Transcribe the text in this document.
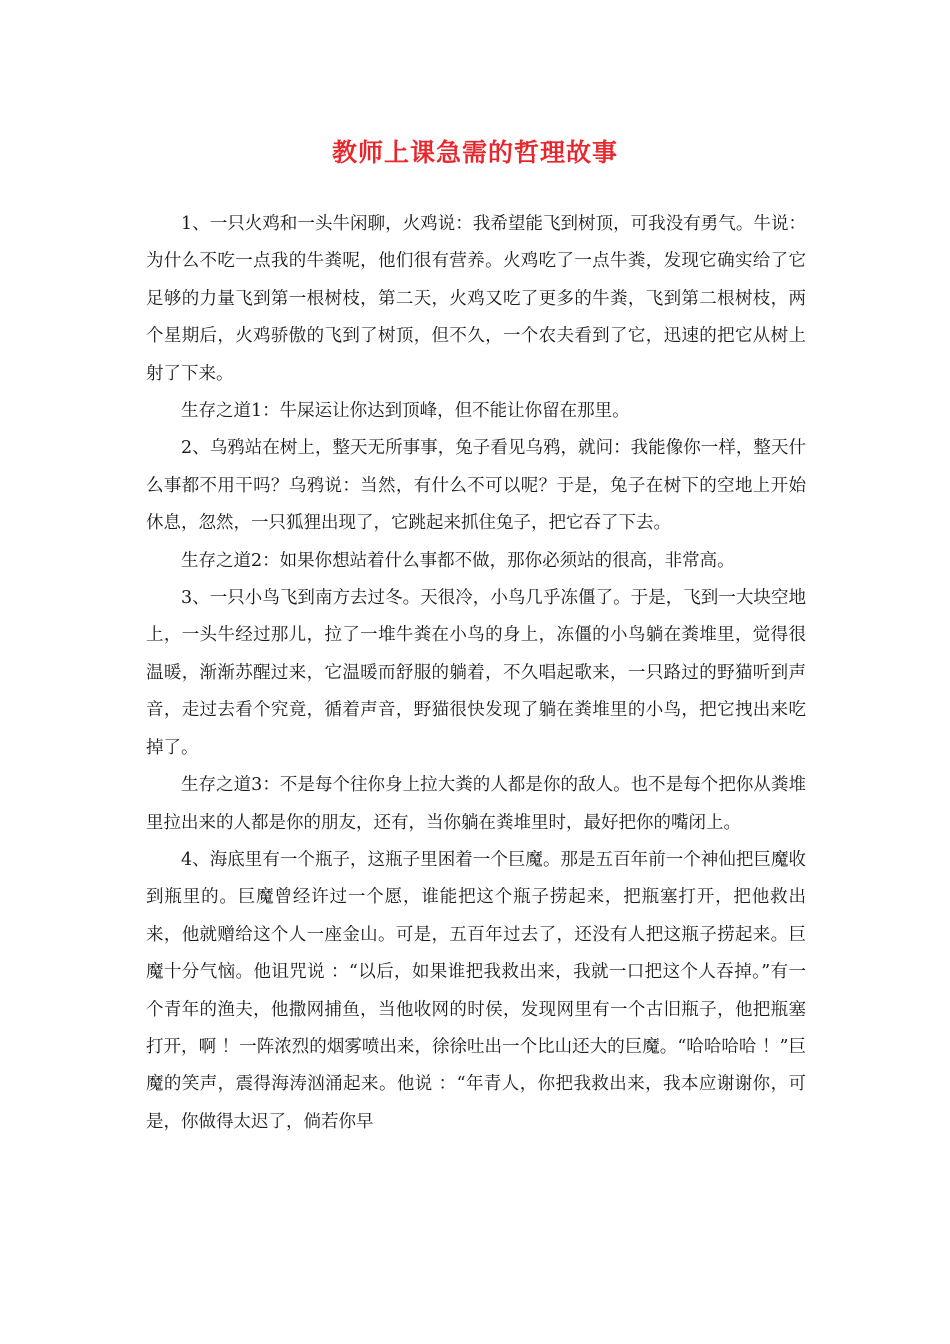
教师上课急需的哲理故事

1、一只火鸡和一头牛闲聊，火鸡说：我希望能飞到树顶，可我没有勇气。牛说：为什么不吃一点我的牛粪呢，他们很有营养。火鸡吃了一点牛粪，发现它确实给了它足够的力量飞到第一根树枝，第二天，火鸡又吃了更多的牛粪，飞到第二根树枝，两个星期后，火鸡骄傲的飞到了树顶，但不久，一个农夫看到了它，迅速的把它从树上射了下来。

生存之道1：牛屎运让你达到顶峰，但不能让你留在那里。

2、乌鸦站在树上，整天无所事事，兔子看见乌鸦，就问：我能像你一样，整天什么事都不用干吗？乌鸦说：当然，有什么不可以呢？于是，兔子在树下的空地上开始休息，忽然，一只狐狸出现了，它跳起来抓住兔子，把它吞了下去。

生存之道2：如果你想站着什么事都不做，那你必须站的很高，非常高。

3、一只小鸟飞到南方去过冬。天很冷，小鸟几乎冻僵了。于是，飞到一大块空地上，一头牛经过那儿，拉了一堆牛粪在小鸟的身上，冻僵的小鸟躺在粪堆里，觉得很温暖，渐渐苏醒过来，它温暖而舒服的躺着，不久唱起歌来，一只路过的野猫听到声音，走过去看个究竟，循着声音，野猫很快发现了躺在粪堆里的小鸟，把它拽出来吃掉了。

生存之道3：不是每个往你身上拉大粪的人都是你的敌人。也不是每个把你从粪堆里拉出来的人都是你的朋友，还有，当你躺在粪堆里时，最好把你的嘴闭上。

4、海底里有一个瓶子，这瓶子里困着一个巨魔。那是五百年前一个神仙把巨魔收到瓶里的。巨魔曾经许过一个愿，谁能把这个瓶子捞起来，把瓶塞打开，把他救出来，他就赠给这个人一座金山。可是，五百年过去了，还没有人把这瓶子捞起来。巨魔十分气恼。他诅咒说 ：“以后，如果谁把我救出来，我就一口把这个人吞掉。”有一个青年的渔夫，他撒网捕鱼，当他收网的时侯，发现网里有一个古旧瓶子，他把瓶塞打开，啊 ！一阵浓烈的烟雾喷出来，徐徐吐出一个比山还大的巨魔。“哈哈哈哈 ！”巨魔的笑声，震得海涛汹涌起来。他说 ：“年青人，你把我救出来，我本应谢谢你，可是，你做得太迟了，倘若你早
